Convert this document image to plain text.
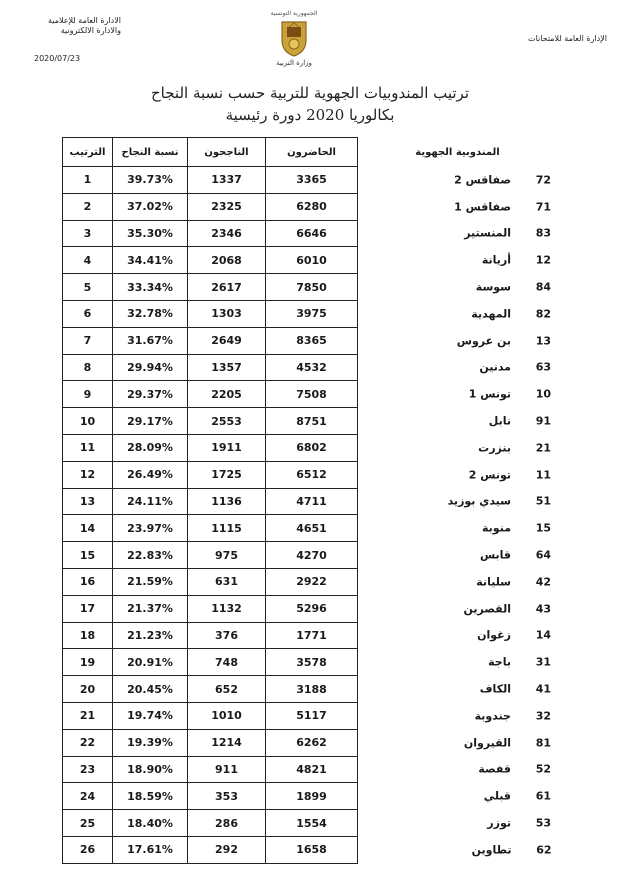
الادارة العامة للإعلامية
والادارة الالكترونية
2020/07/23
الإدارة العامة للامتحانات
الجمهورية التونسية
وزارة التربية
ترتيب المندوبيات الجهوية للتربية حسب نسبة النجاح
بكالوريا 2020 دورة رئيسية
الترتيب	نسبة النجاح	الناجحون	الحاضرون	المندوبية الجهوية
1	39.73%	1337	3365	صفاقس 2 72

2	37.02%	2325	6280	صفاقس 1 71

3	35.30%	2346	6646	المنستير 83

4	34.41%	2068	6010	أريانة 12

5	33.34%	2617	7850	سوسة 84

6	32.78%	1303	3975	المهدية 82

7	31.67%	2649	8365	بن عروس 13

8	29.94%	1357	4532	مدنين 63

9	29.37%	2205	7508	تونس 1 10

10	29.17%	2553	8751	نابل 91

11	28.09%	1911	6802	بنزرت 21

12	26.49%	1725	6512	تونس 2 11

13	24.11%	1136	4711	سيدي بوزيد 51

14	23.97%	1115	4651	منوبة 15

15	22.83%	975	4270	قابس 64

16	21.59%	631	2922	سليانة 42

17	21.37%	1132	5296	القصرين 43

18	21.23%	376	1771	زغوان 14

19	20.91%	748	3578	باجة 31

20	20.45%	652	3188	الكاف 41

21	19.74%	1010	5117	جندوبة 32

22	19.39%	1214	6262	القيروان 81

23	18.90%	911	4821	قفصة 52

24	18.59%	353	1899	قبلي 61

25	18.40%	286	1554	توزر 53

26	17.61%	292	1658	تطاوين 62
